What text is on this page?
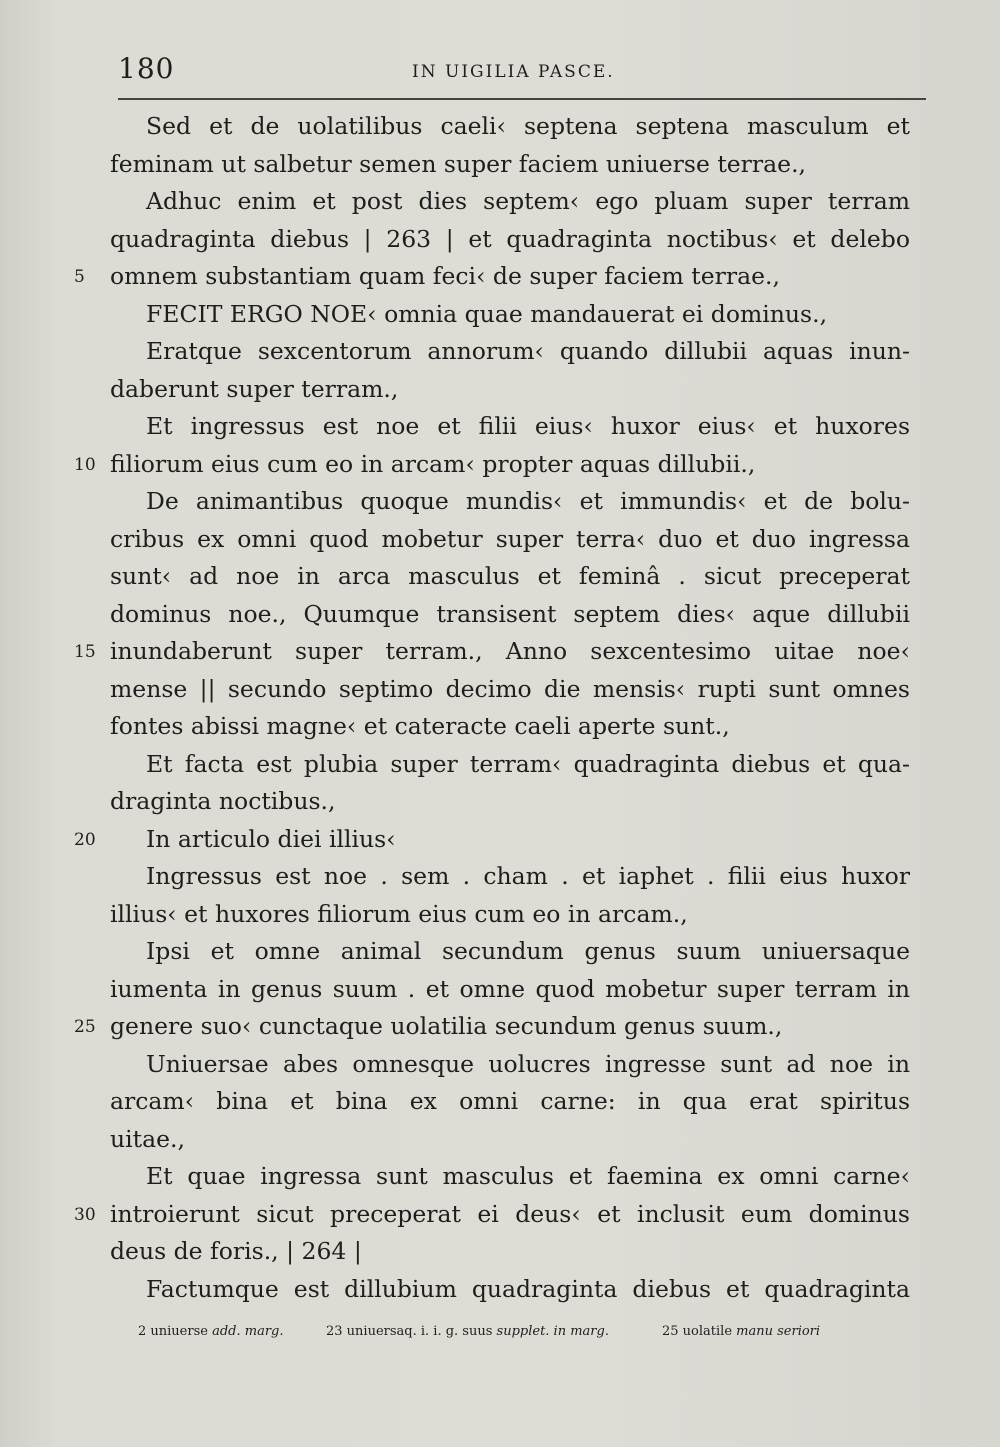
180	IN UIGILIA PASCE.
Sed et de uolatilibus caeli‹ septena septena masculum et
feminam ut salbetur semen super faciem uniuerse terrae.,
Adhuc enim et post dies septem‹ ego pluam super terram
quadraginta diebus | 263 | et quadraginta noctibus‹ et delebo
5	omnem substantiam quam feci‹ de super faciem terrae.,
FECIT ERGO NOE‹ omnia quae mandauerat ei dominus.,
Eratque sexcentorum annorum‹ quando dillubii aquas inun-
daberunt super terram.,
Et ingressus est noe et filii eius‹ huxor eius‹ et huxores
10 filiorum eius cum eo in arcam‹ propter aquas dillubii.,
De animantibus quoque mundis‹ et immundis‹ et de bolu-
cribus ex omni quod mobetur super terra‹ duo et duo ingressa
sunt‹ ad noe in arca masculus et feminâ . sicut preceperat
dominus noe., Quumque transisent septem dies‹ aque dillubii
15 inundaberunt super terram., Anno sexcentesimo uitae noe‹
mense || secundo septimo decimo die mensis‹ rupti sunt omnes
fontes abissi magne‹ et cateracte caeli aperte sunt.,
Et facta est plubia super terram‹ quadraginta diebus et qua-
draginta noctibus.,
20	In articulo diei illius‹
Ingressus est noe . sem . cham . et iaphet . filii eius huxor
illius‹ et huxores filiorum eius cum eo in arcam.,
Ipsi et omne animal secundum genus suum uniuersaque
iumenta in genus suum . et omne quod mobetur super terram in
25 genere suo‹ cunctaque uolatilia secundum genus suum.,
Uniuersae abes omnesque uolucres ingresse sunt ad noe in
arcam‹ bina et bina ex omni carne: in qua erat spiritus
uitae.,
Et quae ingressa sunt masculus et faemina ex omni carne‹
30 introierunt sicut preceperat ei deus‹ et inclusit eum dominus
deus de foris., | 264 |
Factumque est dillubium quadraginta diebus et quadraginta
2 uniuerse add. marg.	23 uniuersaq. i. i. g. suus supplet. in marg.	25 uolatile manu seriori
